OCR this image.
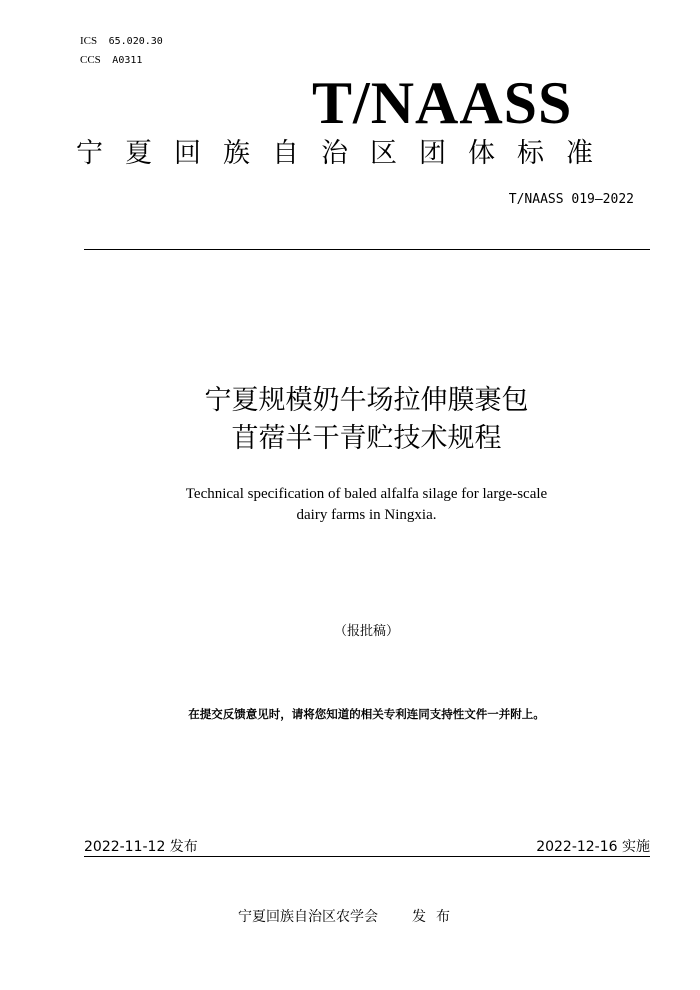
ICS 65.020.30
CCS A0311
T/NAASS
宁夏回族自治区团体标准
T/NAASS 019—2022
宁夏规模奶牛场拉伸膜裹包
苜蓿半干青贮技术规程
Technical specification of baled alfalfa silage for large-scale
dairy farms in Ningxia.
（报批稿）
在提交反馈意见时，请将您知道的相关专利连同支持性文件一并附上。
2022-11-12 发布	2022-12-16 实施
宁夏回族自治区农学会 发布
